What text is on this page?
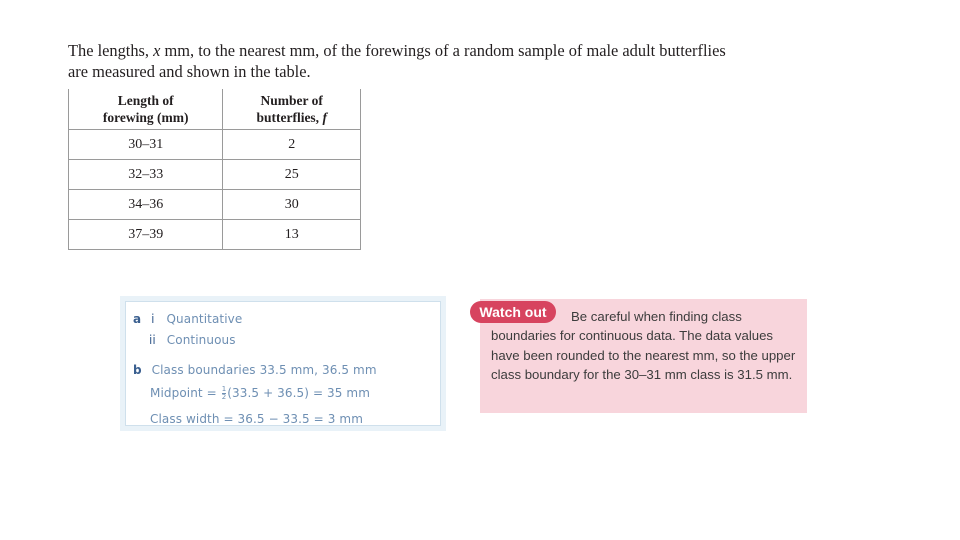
The lengths, x mm, to the nearest mm, of the forewings of a random sample of male adult butterflies are measured and shown in the table.

Length of
forewing (mm)	Number of
butterflies, f

30–31	2
32–33	25
34–36	30
37–39	13
a i Quantitative
ii Continuous
b Class boundaries 33.5 mm, 36.5 mm
Midpoint = $\frac{1}{2} (33.5 + 36.5) = 35$ mm
Class width = 36.5 − 33.5 = 3 mm

Be careful when finding class boundaries for continuous data. The data values have been rounded to the nearest mm, so the upper class boundary for the 30–31 mm class is 31.5 mm.

Watch out
